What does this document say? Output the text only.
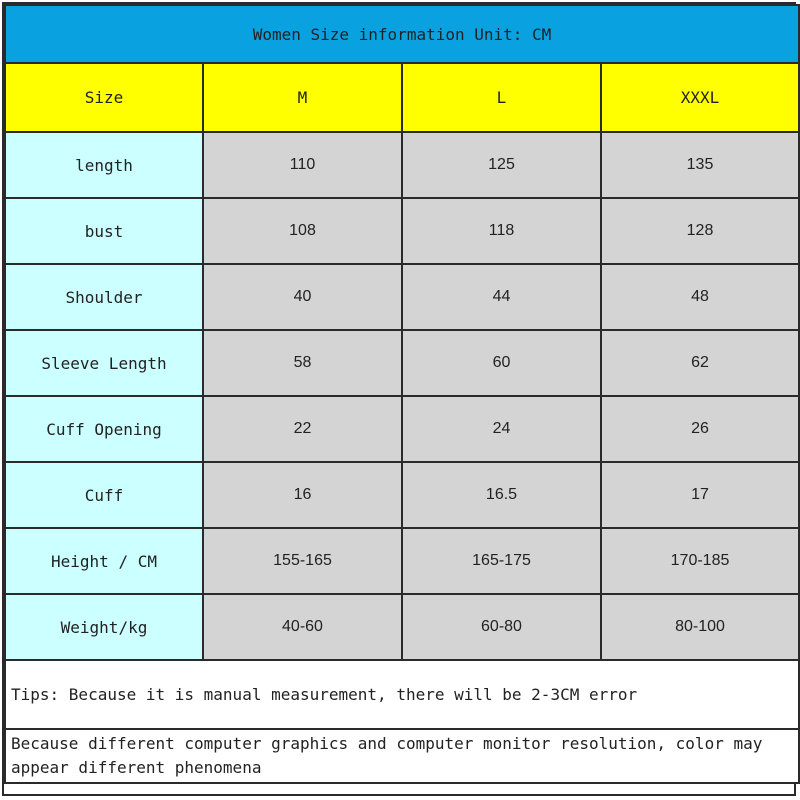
Women Size information Unit: CM			
Size	M	L	XXXL
length	110	125	135
bust	108	118	128
Shoulder	40	44	48
Sleeve Length	58	60	62
Cuff Opening	22	24	26
Cuff	16	16.5	17
Height / CM	155-165	165-175	170-185
Weight/kg	40-60	60-80	80-100
Tips: Because it is manual measurement, there will be 2-3CM error			
Because different computer graphics and computer monitor resolution, color may appear different phenomena			
